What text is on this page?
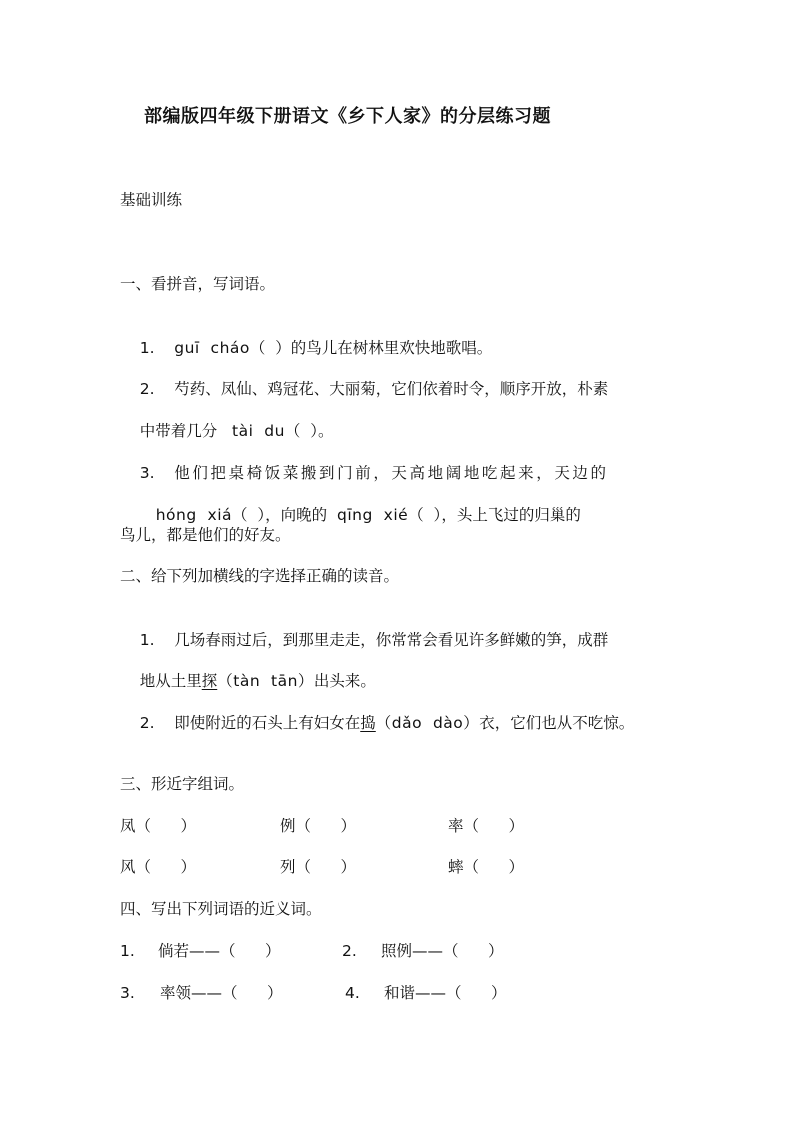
部编版四年级下册语文《乡下人家》的分层练习题
基础训练
一、看拼音，写词语。

1. guī  cháo（  ）的鸟儿在树林里欢快地歌唱。

2. 芍药、凤仙、鸡冠花、大丽菊，它们依着时令，顺序开放，朴素

中带着几分 tài  du（  ）。

3. 他们把桌椅饭菜搬到门前，天高地阔地吃起来，天边的

hóng  xiá（  ），向晚的 qīng  xié（  ），头上飞过的归巢的

鸟儿，都是他们的好友。
二、给下列加横线的字选择正确的读音。

1. 几场春雨过后，到那里走走，你常常会看见许多鲜嫩的笋，成群

地从土里探（tàn  tān）出头来。

2. 即使附近的石头上有妇女在捣（dǎo  dào）衣，它们也从不吃惊。

三、形近字组词。
凤（      ）	例（      ）	率（      ）
风（      ）	列（      ）	蟀（      ）
四、写出下列词语的近义词。
1. 倘若——（      ）	2. 照例——（      ）
3. 率领——（      ）	4. 和谐——（      ）
